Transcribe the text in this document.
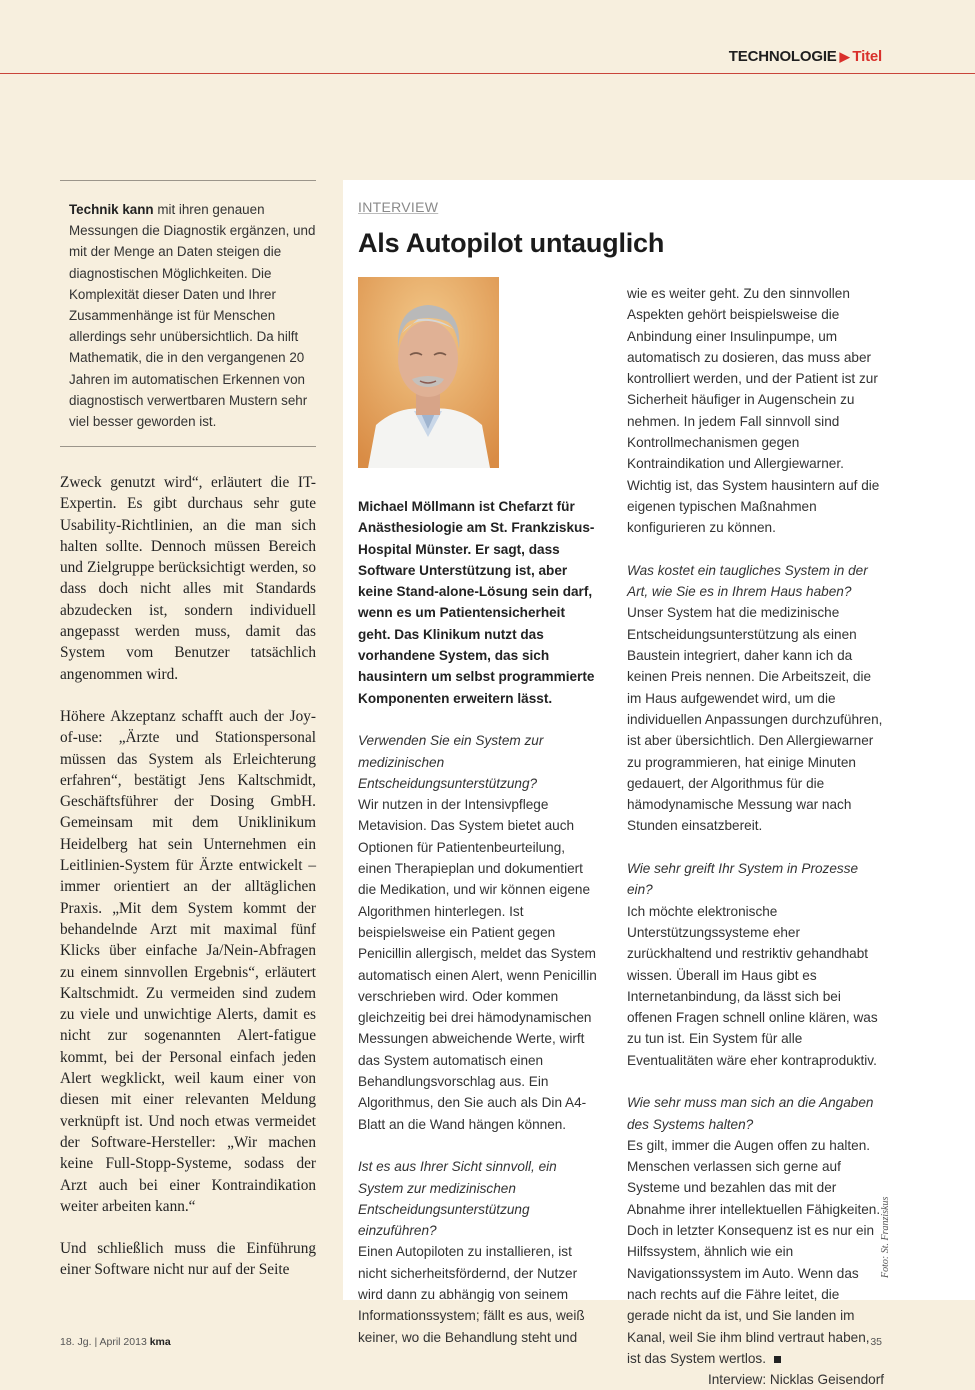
TECHNOLOGIE ▶ Titel

Technik kann mit ihren genauen Messungen die Diagnostik ergänzen, und mit der Menge an Daten steigen die diagnostischen Möglichkeiten. Die Komplexität dieser Daten und Ihrer Zusammenhänge ist für Menschen allerdings sehr unübersichtlich. Da hilft Mathematik, die in den vergangenen 20 Jahren im automatischen Erkennen von diagnostisch verwertbaren Mustern sehr viel besser geworden ist.

Zweck genutzt wird“, erläutert die IT-Expertin. Es gibt durchaus sehr gute Usability-Richtlinien, an die man sich halten sollte. Dennoch müssen Bereich und Zielgruppe berücksichtigt werden, so dass doch nicht alles mit Standards abzudecken ist, sondern individuell angepasst werden muss, damit das System vom Benutzer tatsächlich angenommen wird.

Höhere Akzeptanz schafft auch der Joy-of-use: „Ärzte und Stationspersonal müssen das System als Erleichterung erfahren“, bestätigt Jens Kaltschmidt, Geschäftsführer der Dosing GmbH. Gemeinsam mit dem Uniklinikum Heidelberg hat sein Unternehmen ein Leitlinien-System für Ärzte entwickelt – immer orientiert an der alltäglichen Praxis. „Mit dem System kommt der behandelnde Arzt mit maximal fünf Klicks über einfache Ja/Nein-Abfragen zu einem sinnvollen Ergebnis“, erläutert Kaltschmidt. Zu vermeiden sind zudem zu viele und unwichtige Alerts, damit es nicht zur sogenannten Alert-fatigue kommt, bei der Personal einfach jeden Alert wegklickt, weil kaum einer von diesen mit einer relevanten Meldung verknüpft ist. Und noch etwas vermeidet der Software-Hersteller: „Wir machen keine Full-Stopp-Systeme, sodass der Arzt auch bei einer Kontraindikation weiter arbeiten kann.“

Und schließlich muss die Einführung einer Software nicht nur auf der Seite

INTERVIEW
Als Autopilot untauglich

Michael Möllmann ist Chefarzt für Anästhesiologie am St. Frankziskus-Hospital Münster. Er sagt, dass Software Unterstützung ist, aber keine Stand-alone-Lösung sein darf, wenn es um Patientensicherheit geht. Das Klinikum nutzt das vorhandene System, das sich hausintern um selbst programmierte Komponenten erweitern lässt.

Verwenden Sie ein System zur medizinischen Entscheidungsunterstützung?
Wir nutzen in der Intensivpflege Metavision. Das System bietet auch Optionen für Patientenbeurteilung, einen Therapieplan und dokumentiert die Medikation, und wir können eigene Algorithmen hinterlegen. Ist beispielsweise ein Patient gegen Penicillin allergisch, meldet das System automatisch einen Alert, wenn Penicillin verschrieben wird. Oder kommen gleichzeitig bei drei hämodynamischen Messungen abweichende Werte, wirft das System automatisch einen Behandlungsvorschlag aus. Ein Algorithmus, den Sie auch als Din A4-Blatt an die Wand hängen können.

Ist es aus Ihrer Sicht sinnvoll, ein System zur medizinischen Entscheidungsunterstützung einzuführen?
Einen Autopiloten zu installieren, ist nicht sicherheitsfördernd, der Nutzer wird dann zu abhängig von seinem Informationssystem; fällt es aus, weiß keiner, wo die Behandlung steht und

wie es weiter geht. Zu den sinnvollen Aspekten gehört beispielsweise die Anbindung einer Insulinpumpe, um automatisch zu dosieren, das muss aber kontrolliert werden, und der Patient ist zur Sicherheit häufiger in Augenschein zu nehmen. In jedem Fall sinnvoll sind Kontrollmechanismen gegen Kontraindikation und Allergiewarner. Wichtig ist, das System hausintern auf die eigenen typischen Maßnahmen konfigurieren zu können.

Was kostet ein taugliches System in der Art, wie Sie es in Ihrem Haus haben?
Unser System hat die medizinische Entscheidungsunterstützung als einen Baustein integriert, daher kann ich da keinen Preis nennen. Die Arbeitszeit, die im Haus aufgewendet wird, um die individuellen Anpassungen durchzuführen, ist aber übersichtlich. Den Allergiewarner zu programmieren, hat einige Minuten gedauert, der Algorithmus für die hämodynamische Messung war nach Stunden einsatzbereit.

Wie sehr greift Ihr System in Prozesse ein?
Ich möchte elektronische Unterstützungssysteme eher zurückhaltend und restriktiv gehandhabt wissen. Überall im Haus gibt es Internetanbindung, da lässt sich bei offenen Fragen schnell online klären, was zu tun ist. Ein System für alle Eventualitäten wäre eher kontraproduktiv.

Wie sehr muss man sich an die Angaben des Systems halten?
Es gilt, immer die Augen offen zu halten. Menschen verlassen sich gerne auf Systeme und bezahlen das mit der Abnahme ihrer intellektuellen Fähigkeiten. Doch in letzter Konsequenz ist es nur ein Hilfssystem, ähnlich wie ein Navigationssystem im Auto. Wenn das nach rechts auf die Fähre leitet, die gerade nicht da ist, und Sie landen im Kanal, weil Sie ihm blind vertraut haben, ist das System wertlos.
Interview: Nicklas Geisendorf

Foto: St. Franziskus
18. Jg. | April 2013 kma	35
